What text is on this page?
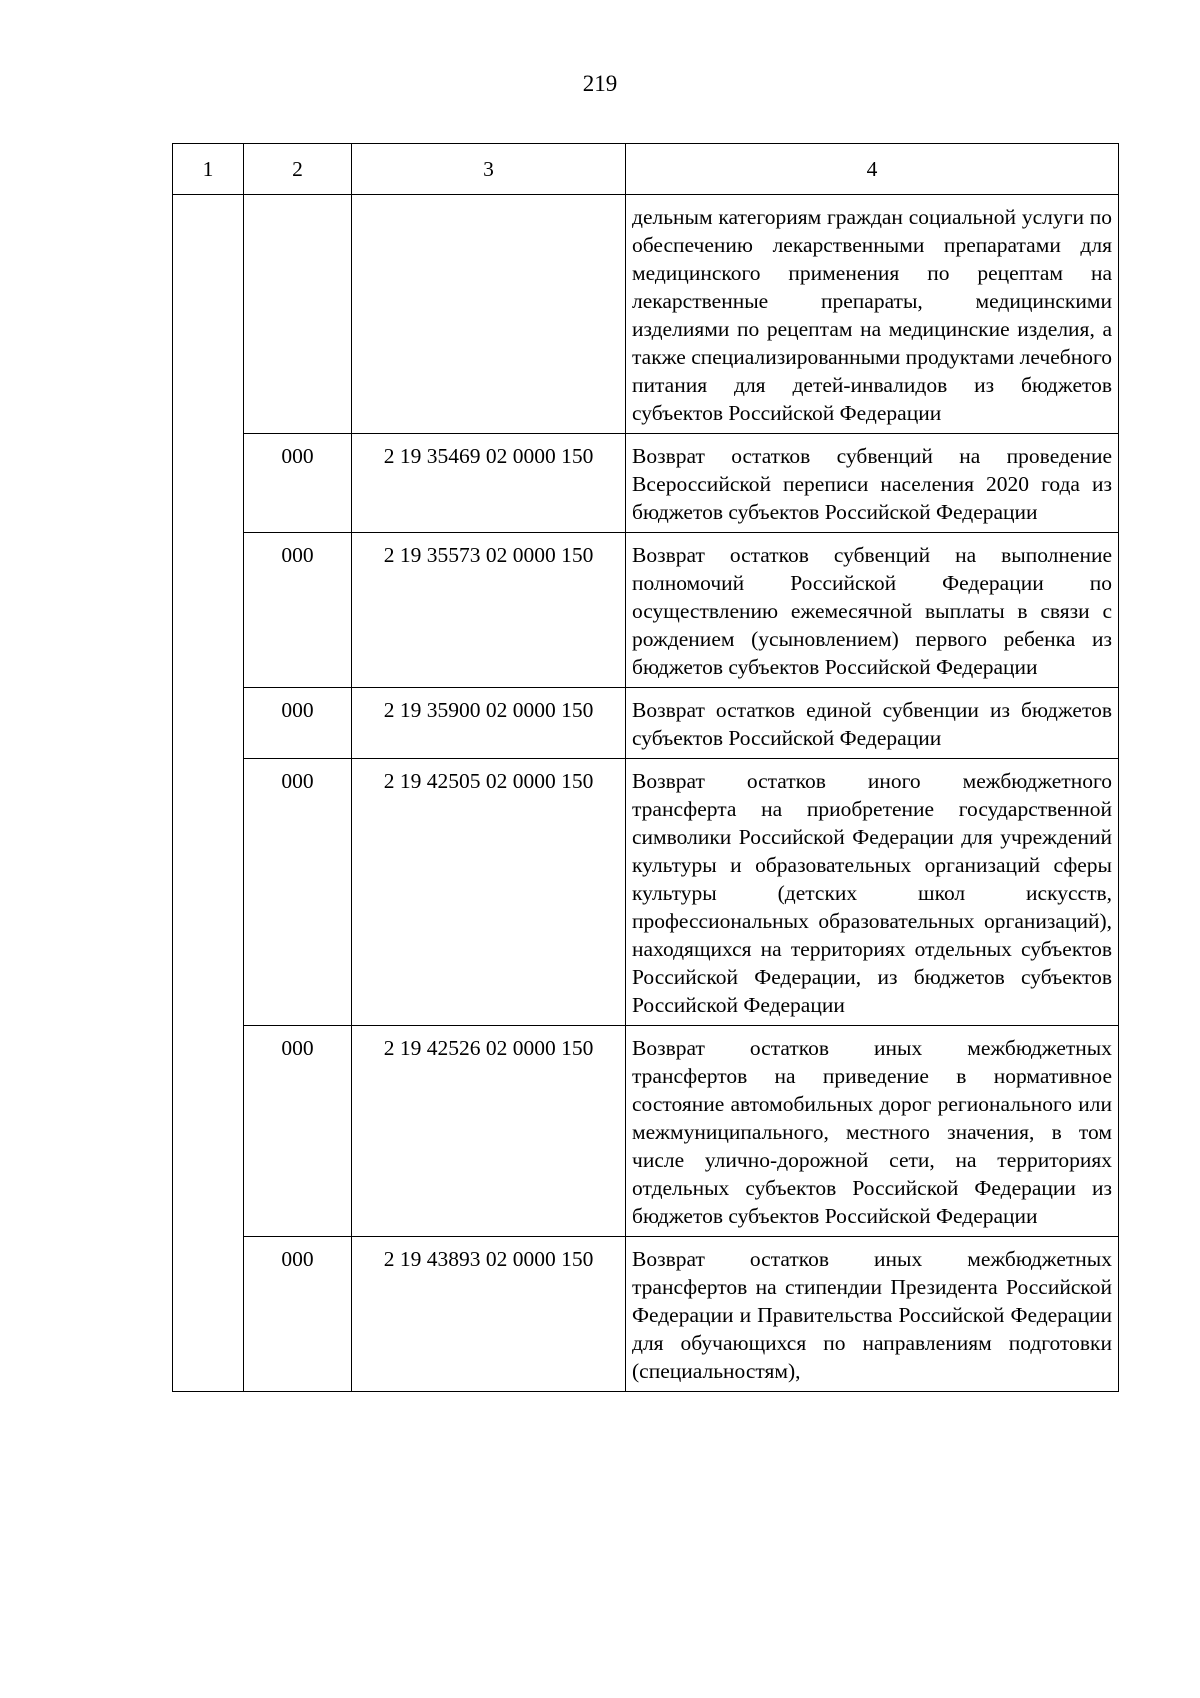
219
1	2	3	4
			дельным категориям граждан социальной услуги по обеспечению лекарственными препаратами для медицинского применения по рецептам на лекарственные препараты, медицинскими изделиями по рецептам на медицинские изделия, а также специализированными продуктами лечебного питания для детей-инвалидов из бюджетов субъектов Российской Федерации
	000	2 19 35469 02 0000 150	Возврат остатков субвенций на проведение Всероссийской переписи населения 2020 года из бюджетов субъектов Российской Федерации
	000	2 19 35573 02 0000 150	Возврат остатков субвенций на выполнение полномочий Российской Федерации по осуществлению ежемесячной выплаты в связи с рождением (усыновлением) первого ребенка из бюджетов субъектов Российской Федерации
	000	2 19 35900 02 0000 150	Возврат остатков единой субвенции из бюджетов субъектов Российской Федерации
	000	2 19 42505 02 0000 150	Возврат остатков иного межбюджетного трансферта на приобретение государственной символики Российской Федерации для учреждений культуры и образовательных организаций сферы культуры (детских школ искусств, профессиональных образовательных организаций), находящихся на территориях отдельных субъектов Российской Федерации, из бюджетов субъектов Российской Федерации
	000	2 19 42526 02 0000 150	Возврат остатков иных межбюджетных трансфертов на приведение в нормативное состояние автомобильных дорог регионального или межмуниципального, местного значения, в том числе улично-дорожной сети, на территориях отдельных субъектов Российской Федерации из бюджетов субъектов Российской Федерации
	000	2 19 43893 02 0000 150	Возврат остатков иных межбюджетных трансфертов на стипендии Президента Российской Федерации и Правительства Российской Федерации для обучающихся по направлениям подготовки (специальностям),
